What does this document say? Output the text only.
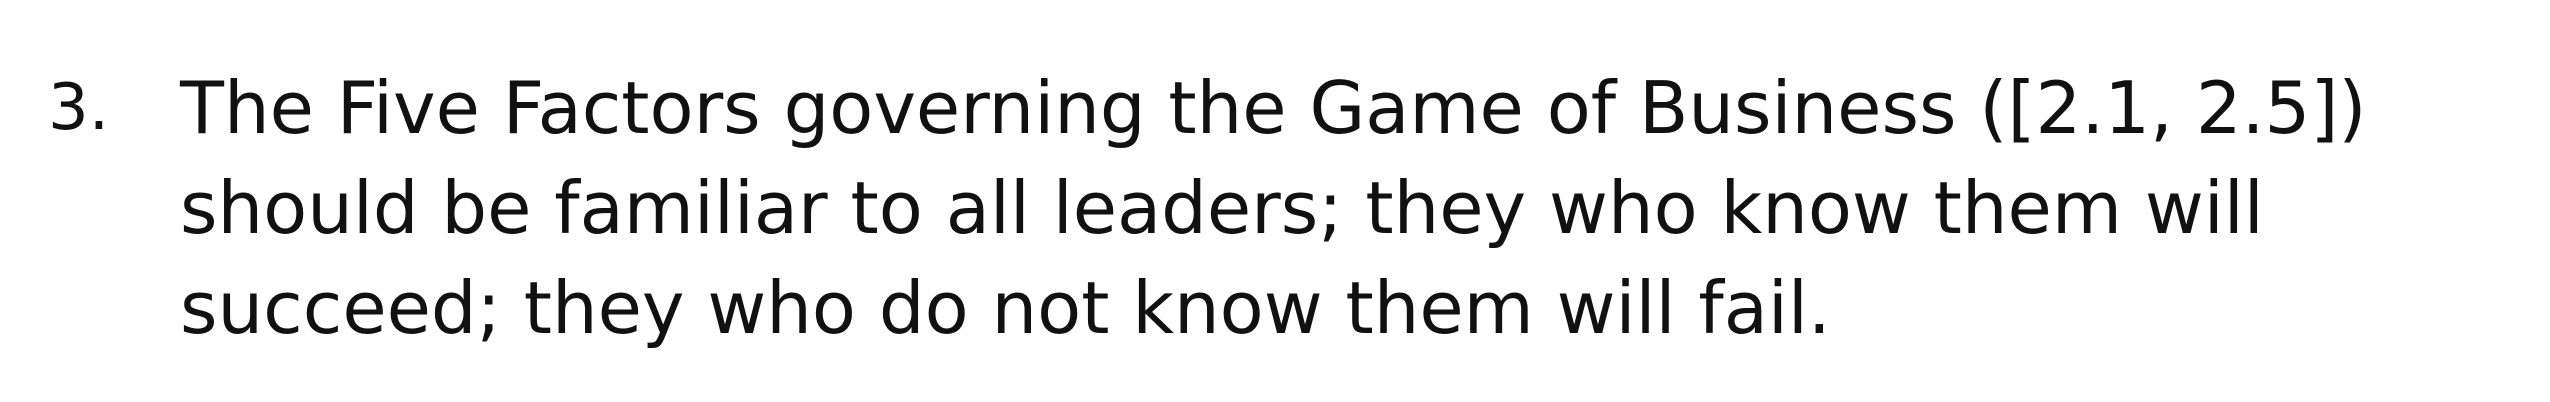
3. The Five Factors governing the Game of Business ([2.1, 2.5])
should be familiar to all leaders; they who know them will
succeed; they who do not know them will fail.
